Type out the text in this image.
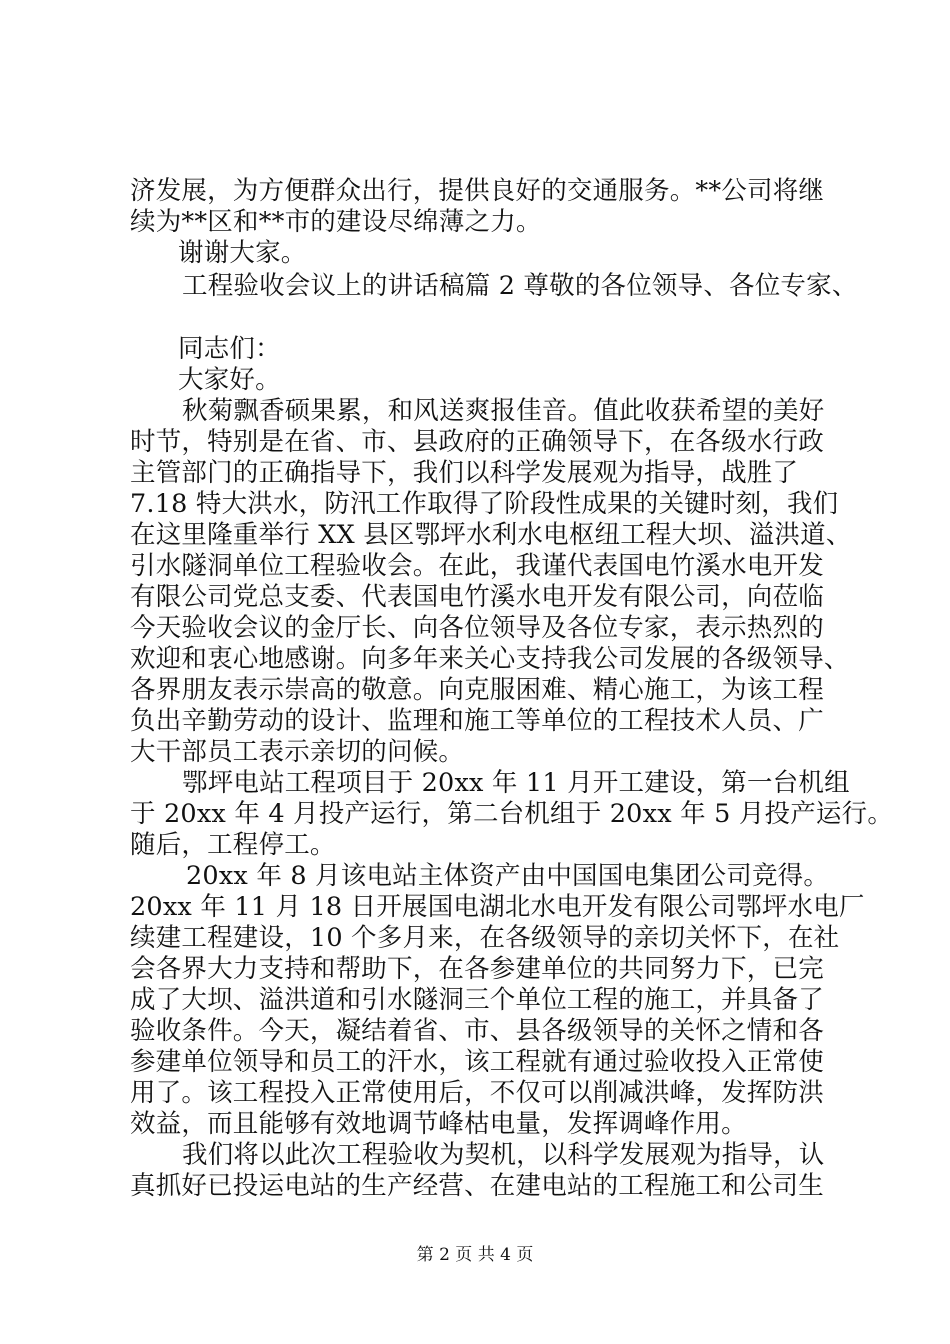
济发展，为方便群众出行，提供良好的交通服务。**公司将继
续为**区和**市的建设尽绵薄之力。
谢谢大家。
工程验收会议上的讲话稿篇 2 尊敬的各位领导、各位专家、
同志们：
大家好。
秋菊飘香硕果累，和风送爽报佳音。值此收获希望的美好
时节，特别是在省、市、县政府的正确领导下，在各级水行政
主管部门的正确指导下，我们以科学发展观为指导，战胜了
7.18 特大洪水，防汛工作取得了阶段性成果的关键时刻，我们
在这里隆重举行 XX 县区鄂坪水利水电枢纽工程大坝、溢洪道、
引水隧洞单位工程验收会。在此，我谨代表国电竹溪水电开发
有限公司党总支委、代表国电竹溪水电开发有限公司，向莅临
今天验收会议的金厅长、向各位领导及各位专家，表示热烈的
欢迎和衷心地感谢。向多年来关心支持我公司发展的各级领导、
各界朋友表示崇高的敬意。向克服困难、精心施工，为该工程
负出辛勤劳动的设计、监理和施工等单位的工程技术人员、广
大干部员工表示亲切的问候。
鄂坪电站工程项目于 20xx 年 11 月开工建设，第一台机组
于 20xx 年 4 月投产运行，第二台机组于 20xx 年 5 月投产运行。
随后，工程停工。
20xx 年 8 月该电站主体资产由中国国电集团公司竞得。
20xx 年 11 月 18 日开展国电湖北水电开发有限公司鄂坪水电厂
续建工程建设，10 个多月来，在各级领导的亲切关怀下，在社
会各界大力支持和帮助下，在各参建单位的共同努力下，已完
成了大坝、溢洪道和引水隧洞三个单位工程的施工，并具备了
验收条件。今天，凝结着省、市、县各级领导的关怀之情和各
参建单位领导和员工的汗水，该工程就有通过验收投入正常使
用了。该工程投入正常使用后，不仅可以削减洪峰，发挥防洪
效益，而且能够有效地调节峰枯电量，发挥调峰作用。
我们将以此次工程验收为契机，以科学发展观为指导，认
真抓好已投运电站的生产经营、在建电站的工程施工和公司生
第 2 页 共 4 页
